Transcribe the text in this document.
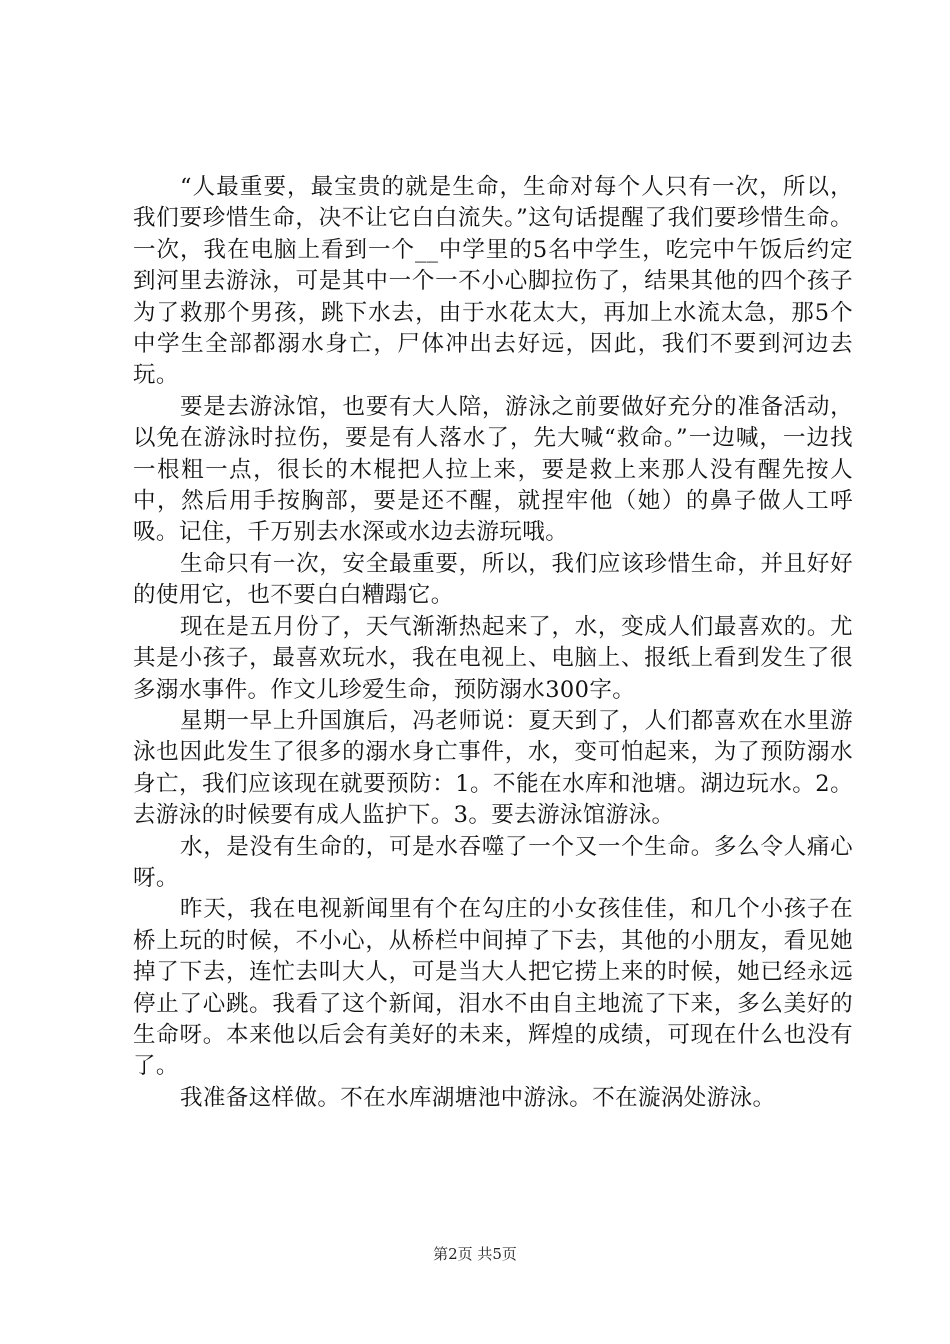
“人最重要，最宝贵的就是生命，生命对每个人只有一次，所以，我们要珍惜生命，决不让它白白流失。”这句话提醒了我们要珍惜生命。一次，我在电脑上看到一个__中学里的5名中学生，吃完中午饭后约定到河里去游泳，可是其中一个一不小心脚拉伤了，结果其他的四个孩子为了救那个男孩，跳下水去，由于水花太大，再加上水流太急，那5个中学生全部都溺水身亡，尸体冲出去好远，因此，我们不要到河边去玩。

要是去游泳馆，也要有大人陪，游泳之前要做好充分的准备活动，以免在游泳时拉伤，要是有人落水了，先大喊“救命。”一边喊，一边找一根粗一点，很长的木棍把人拉上来，要是救上来那人没有醒先按人中，然后用手按胸部，要是还不醒，就捏牢他（她）的鼻子做人工呼吸。记住，千万别去水深或水边去游玩哦。

生命只有一次，安全最重要，所以，我们应该珍惜生命，并且好好的使用它，也不要白白糟蹋它。

现在是五月份了，天气渐渐热起来了，水，变成人们最喜欢的。尤其是小孩子，最喜欢玩水，我在电视上、电脑上、报纸上看到发生了很多溺水事件。作文儿珍爱生命，预防溺水300字。

星期一早上升国旗后，冯老师说：夏天到了，人们都喜欢在水里游泳也因此发生了很多的溺水身亡事件，水，变可怕起来，为了预防溺水身亡，我们应该现在就要预防：1。不能在水库和池塘。湖边玩水。2。去游泳的时候要有成人监护下。3。要去游泳馆游泳。

水，是没有生命的，可是水吞噬了一个又一个生命。多么令人痛心呀。

昨天，我在电视新闻里有个在勾庄的小女孩佳佳，和几个小孩子在桥上玩的时候，不小心，从桥栏中间掉了下去，其他的小朋友，看见她掉了下去，连忙去叫大人，可是当大人把它捞上来的时候，她已经永远停止了心跳。我看了这个新闻，泪水不由自主地流了下来，多么美好的生命呀。本来他以后会有美好的未来，辉煌的成绩，可现在什么也没有了。

我准备这样做。不在水库湖塘池中游泳。不在漩涡处游泳。

第2页 共5页
